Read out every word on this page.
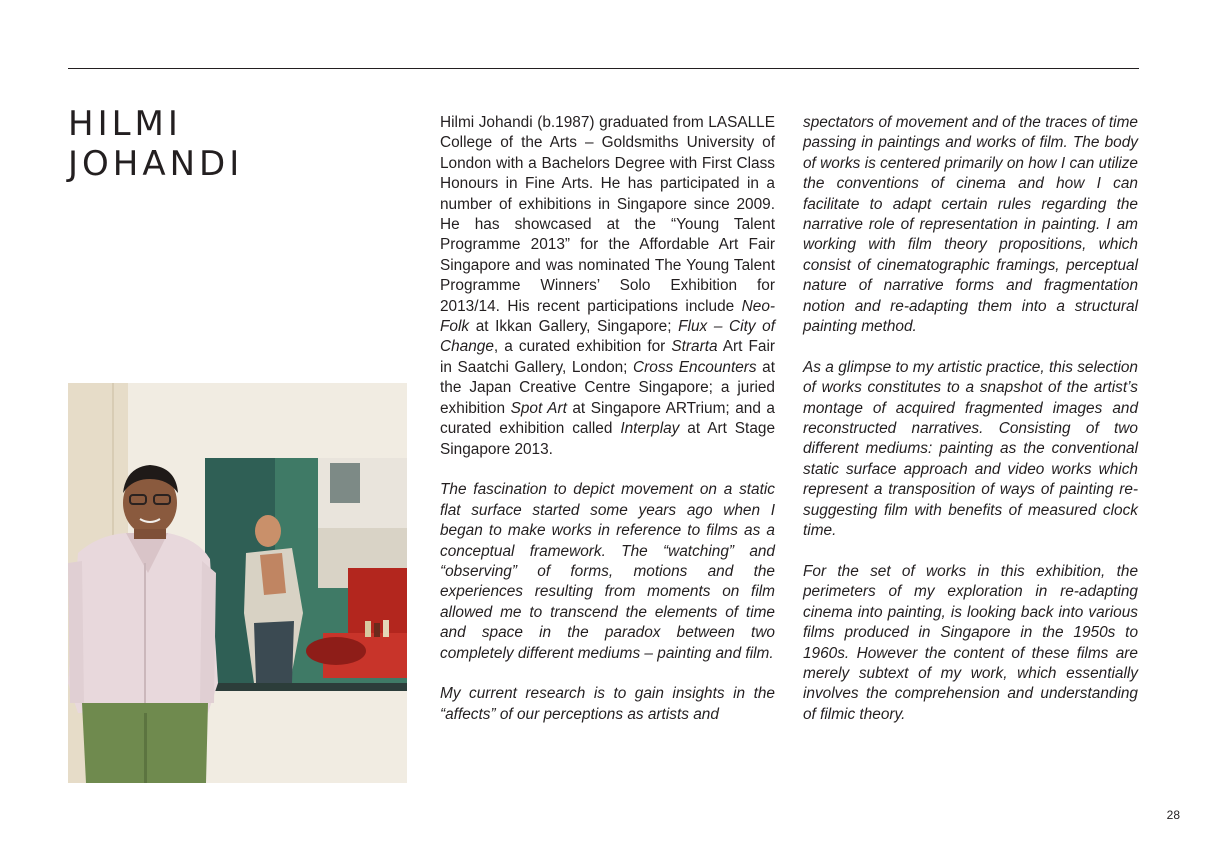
HILMI
JOHANDI

Hilmi Johandi (b.1987) graduated from LASALLE College of the Arts – Goldsmiths University of London with a Bachelors Degree with First Class Honours in Fine Arts. He has participated in a number of exhibitions in Singapore since 2009. He has showcased at the “Young Talent Programme 2013” for the Affordable Art Fair Singapore and was nominated The Young Talent Programme Winners’ Solo Exhibition for 2013/14. His recent participations include Neo-Folk at Ikkan Gallery, Singapore; Flux – City of Change, a curated exhibition for Strarta Art Fair in Saatchi Gallery, London; Cross Encounters at the Japan Creative Centre Singapore; a juried exhibition Spot Art at Singapore ARTrium; and a curated exhibition called Interplay at Art Stage Singapore 2013.

The fascination to depict movement on a static flat surface started some years ago when I began to make works in reference to films as a conceptual framework. The “watching” and “observing” of forms, motions and the experiences resulting from moments on film allowed me to transcend the elements of time and space in the paradox between two completely different mediums – painting and film.

My current research is to gain insights in the “affects” of our perceptions as artists and

spectators of movement and of the traces of time passing in paintings and works of film. The body of works is centered primarily on how I can utilize the conventions of cinema and how I can facilitate to adapt certain rules regarding the narrative role of representation in painting. I am working with film theory propositions, which consist of cinematographic framings, perceptual nature of narrative forms and fragmentation notion and re-adapting them into a structural painting method.

As a glimpse to my artistic practice, this selection of works constitutes to a snapshot of the artist’s montage of acquired fragmented images and reconstructed narratives. Consisting of two different mediums: painting as the conventional static surface approach and video works which represent a transposition of ways of painting re-suggesting film with benefits of measured clock time.

For the set of works in this exhibition, the perimeters of my exploration in re-adapting cinema into painting, is looking back into various films produced in Singapore in the 1950s to 1960s. However the content of these films are merely subtext of my work, which essentially involves the comprehension and understanding of filmic theory.

28
